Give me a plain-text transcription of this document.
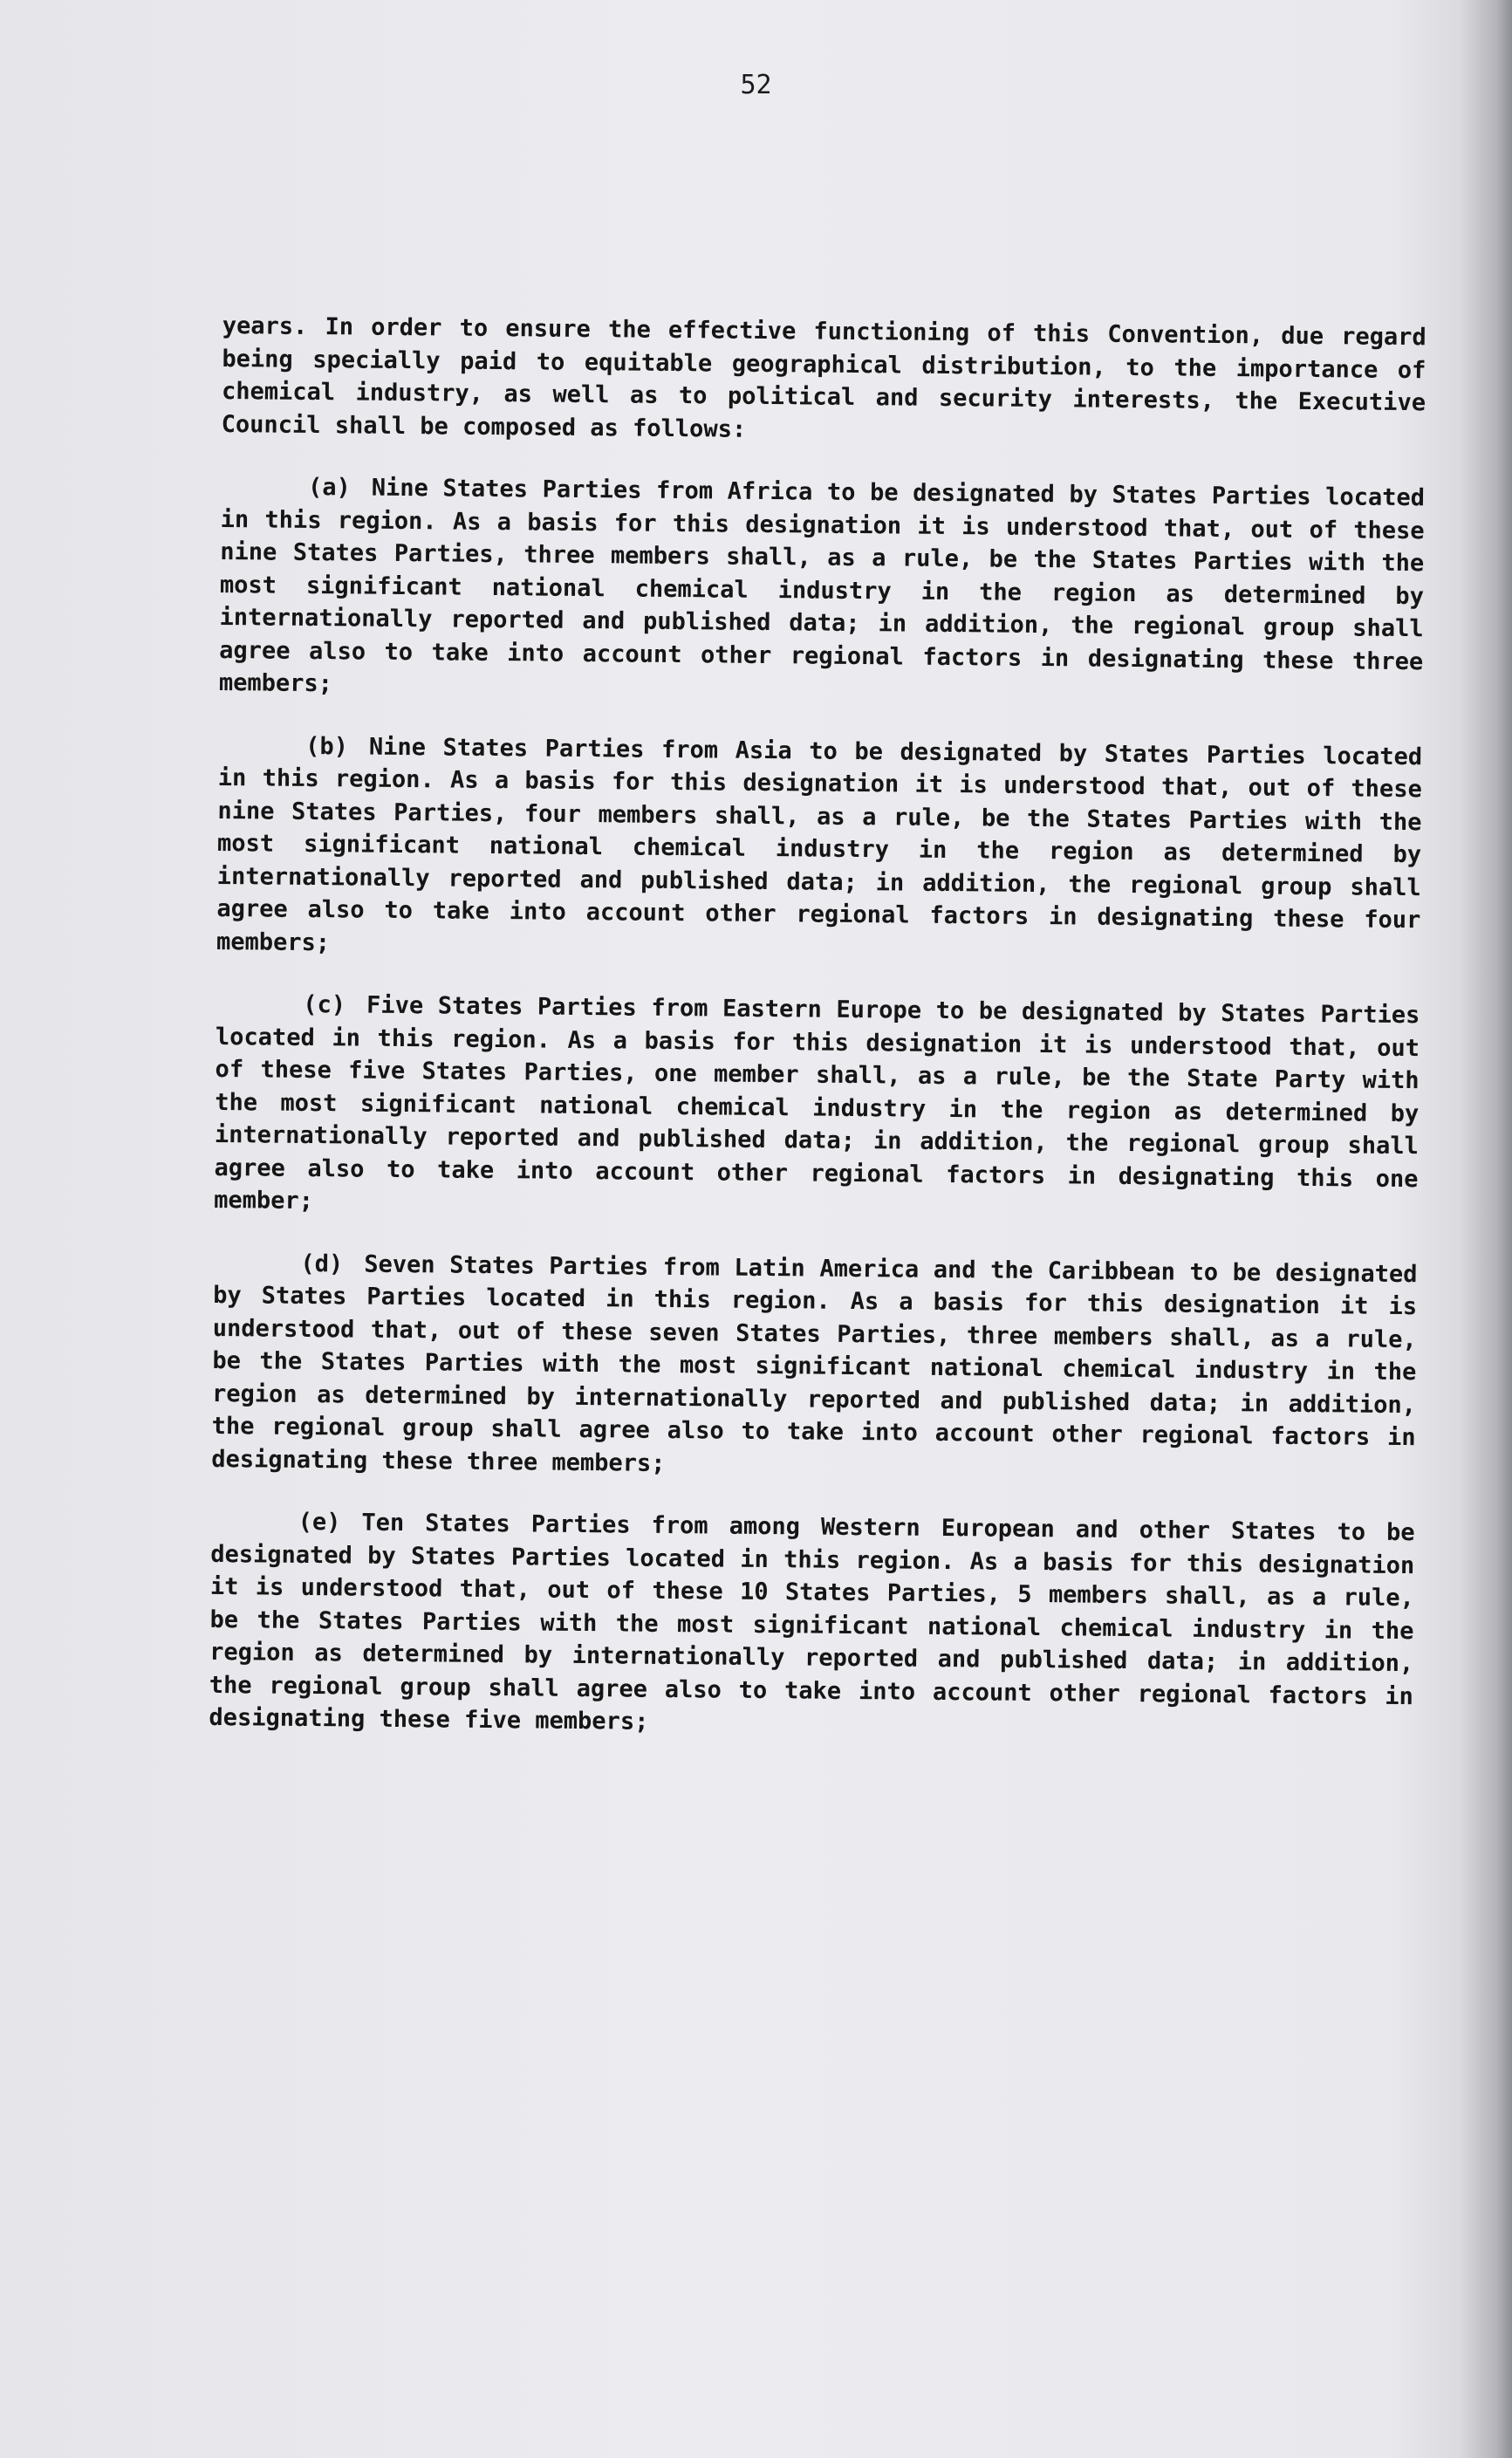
52

years. In order to ensure the effective functioning of this Convention, due regard being specially paid to equitable geographical distribution, to the importance of chemical industry, as well as to political and security interests, the Executive Council shall be composed as follows:

(a) Nine States Parties from Africa to be designated by States Parties located in this region. As a basis for this designation it is understood that, out of these nine States Parties, three members shall, as a rule, be the States Parties with the most significant national chemical industry in the region as determined by internationally reported and published data; in addition, the regional group shall agree also to take into account other regional factors in designating these three members;

(b) Nine States Parties from Asia to be designated by States Parties located in this region. As a basis for this designation it is understood that, out of these nine States Parties, four members shall, as a rule, be the States Parties with the most significant national chemical industry in the region as determined by internationally reported and published data; in addition, the regional group shall agree also to take into account other regional factors in designating these four members;

(c) Five States Parties from Eastern Europe to be designated by States Parties located in this region. As a basis for this designation it is understood that, out of these five States Parties, one member shall, as a rule, be the State Party with the most significant national chemical industry in the region as determined by internationally reported and published data; in addition, the regional group shall agree also to take into account other regional factors in designating this one member;

(d) Seven States Parties from Latin America and the Caribbean to be designated by States Parties located in this region. As a basis for this designation it is understood that, out of these seven States Parties, three members shall, as a rule, be the States Parties with the most significant national chemical industry in the region as determined by internationally reported and published data; in addition, the regional group shall agree also to take into account other regional factors in designating these three members;

(e) Ten States Parties from among Western European and other States to be designated by States Parties located in this region. As a basis for this designation it is understood that, out of these 10 States Parties, 5 members shall, as a rule, be the States Parties with the most significant national chemical industry in the region as determined by internationally reported and published data; in addition, the regional group shall agree also to take into account other regional factors in designating these five members;
